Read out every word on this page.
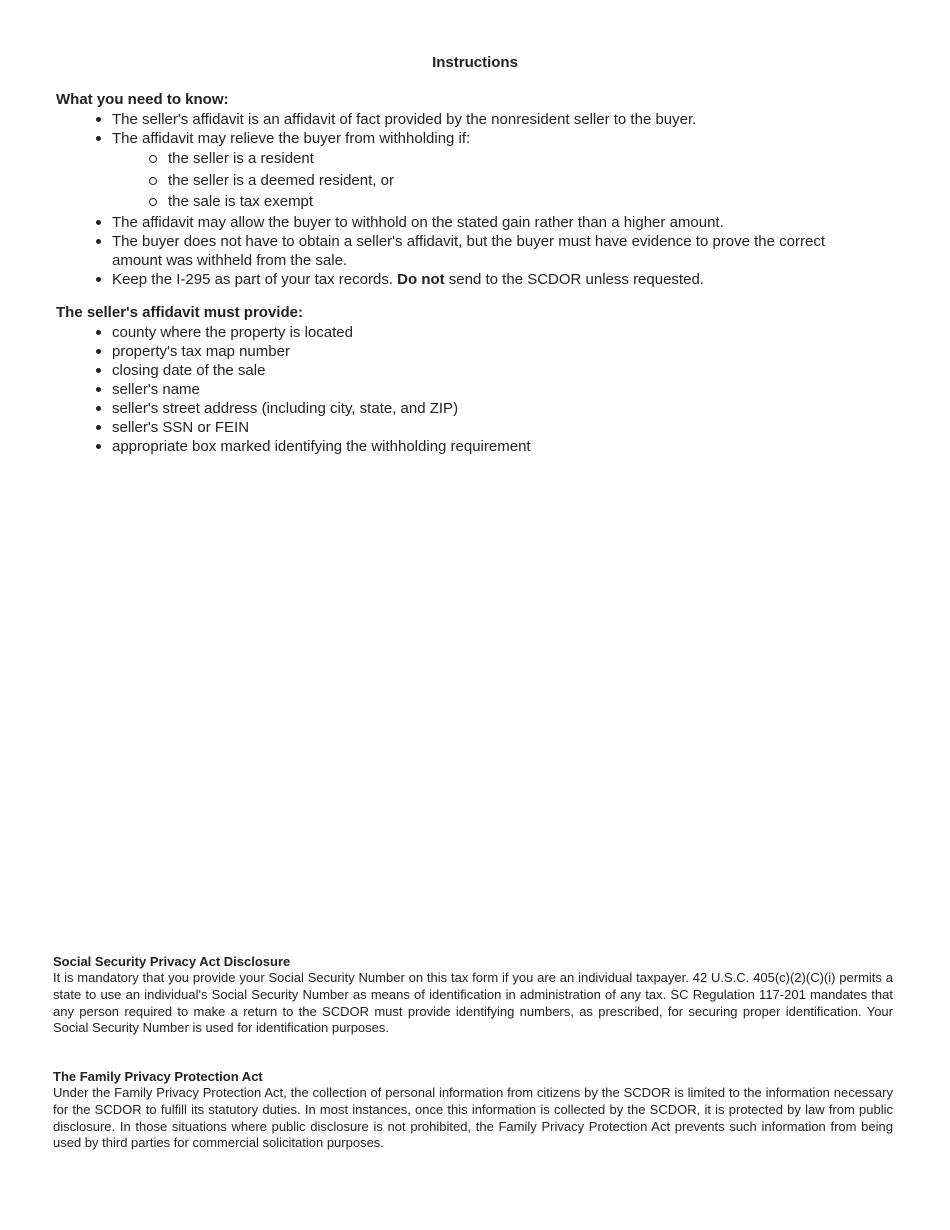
Instructions
What you need to know:
The seller's affidavit is an affidavit of fact provided by the nonresident seller to the buyer.
The affidavit may relieve the buyer from withholding if:
the seller is a resident
the seller is a deemed resident, or
the sale is tax exempt
The affidavit may allow the buyer to withhold on the stated gain rather than a higher amount.
The buyer does not have to obtain a seller's affidavit, but the buyer must have evidence to prove the correct amount was withheld from the sale.
Keep the I-295 as part of your tax records. Do not send to the SCDOR unless requested.
The seller's affidavit must provide:
county where the property is located
property's tax map number
closing date of the sale
seller's name
seller's street address (including city, state, and ZIP)
seller's SSN or FEIN
appropriate box marked identifying the withholding requirement
Social Security Privacy Act Disclosure

It is mandatory that you provide your Social Security Number on this tax form if you are an individual taxpayer. 42 U.S.C. 405(c)(2)(C)(i) permits a state to use an individual's Social Security Number as means of identification in administration of any tax. SC Regulation 117-201 mandates that any person required to make a return to the SCDOR must provide identifying numbers, as prescribed, for securing proper identification. Your Social Security Number is used for identification purposes.

The Family Privacy Protection Act

Under the Family Privacy Protection Act, the collection of personal information from citizens by the SCDOR is limited to the information necessary for the SCDOR to fulfill its statutory duties. In most instances, once this information is collected by the SCDOR, it is protected by law from public disclosure. In those situations where public disclosure is not prohibited, the Family Privacy Protection Act prevents such information from being used by third parties for commercial solicitation purposes.
